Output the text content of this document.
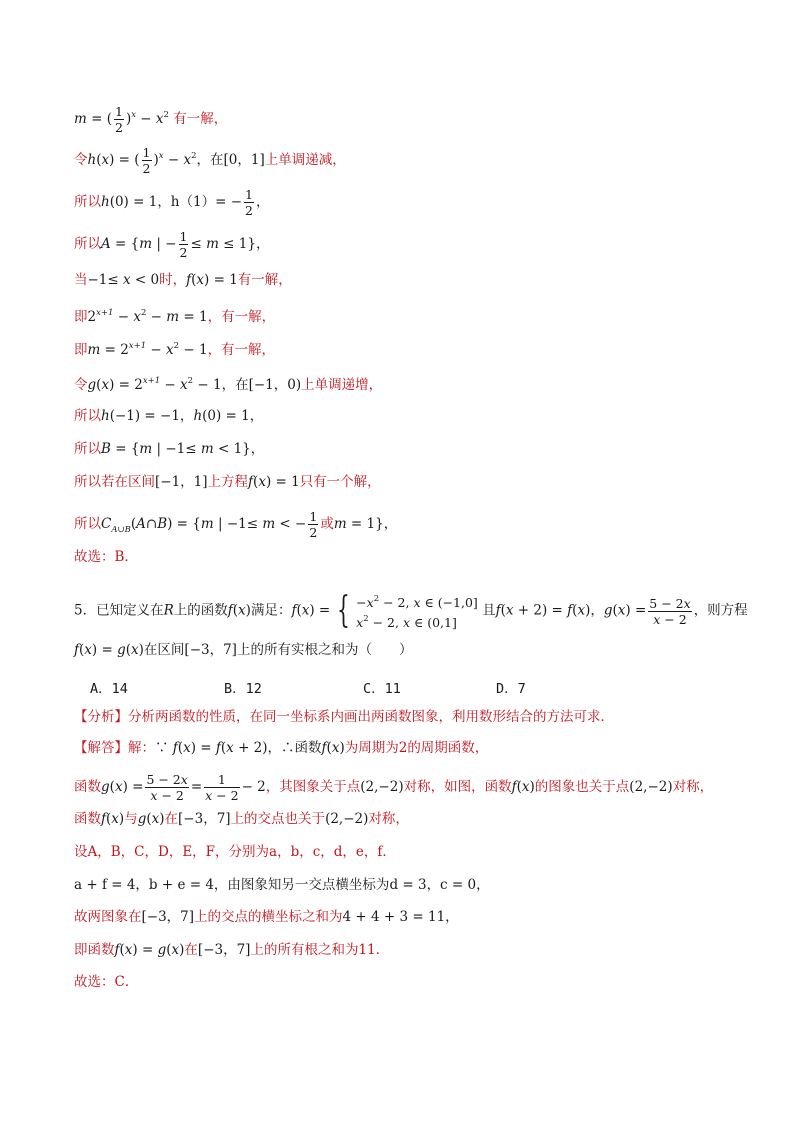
m = ( $\frac{1}{2} )^x - x^2$ 有一解，
令h(x) = ( $\frac{1}{2} )^x - x^2$，在[0，1]上单调递减，
所以h(0) = 1，$h(1)= - \frac{1}{2}$ ，
所以A = {m | − $\frac{1}{2} \le m \le 1$}，
当−1≤ x < 0时，f(x) = 1有一解，
即$2^{x+1} - x^2 - m = 1$，有一解，
即$m = 2^{x+1} - x^2 - 1$，有一解，
令$g(x) = 2^{x+1} - x^2 - 1$，在[−1，0)上单调递增，
所以h(−1) = −1，h(0) = 1，
所以B = {m | −1≤ m < 1}，
所以若在区间[−1，1]上方程f(x) = 1只有一个解，
所以$C_{A\cup B}(A\cap B) = \{m$ | −1≤ m < − $\frac{1}{2}$ 或m = 1}，
故选：B．
5．已知定义在R上的函数f(x)满足：f(x) = { $-x^2 - 2$, x ∈ (−1,0]
$x^2 - 2$, x ∈ (0,1]
且f(x + 2) = f(x)，$g(x) = \frac{5 - 2x}{x - 2}$ ，则方程
f(x) = g(x)在区间[−3，7]上的所有实根之和为（　　）
A．14	B．12	C．11	D．7
【分析】分析两函数的性质，在同一坐标系内画出两函数图象，利用数形结合的方法可求．
【解答】解：∵ f(x) = f(x + 2)，∴函数f(x)为周期为2的周期函数，
函数$g(x) = \frac{5 - 2x}{x - 2} = \frac{1}{x - 2} - 2$，其图象关于点(2,−2)对称，如图，函数f(x)的图象也关于点(2,−2)对称，
函数f(x)与g(x)在[−3，7]上的交点也关于(2,−2)对称，
设A，B，C，D，E，F，分别为a，b，c，d，e，f．
a + f = 4，b + e = 4，由图象知另一交点横坐标为d = 3，c = 0，
故两图象在[−3，7]上的交点的横坐标之和为4 + 4 + 3 = 11，
即函数f(x) = g(x)在[−3，7]上的所有根之和为11．
故选：C．
